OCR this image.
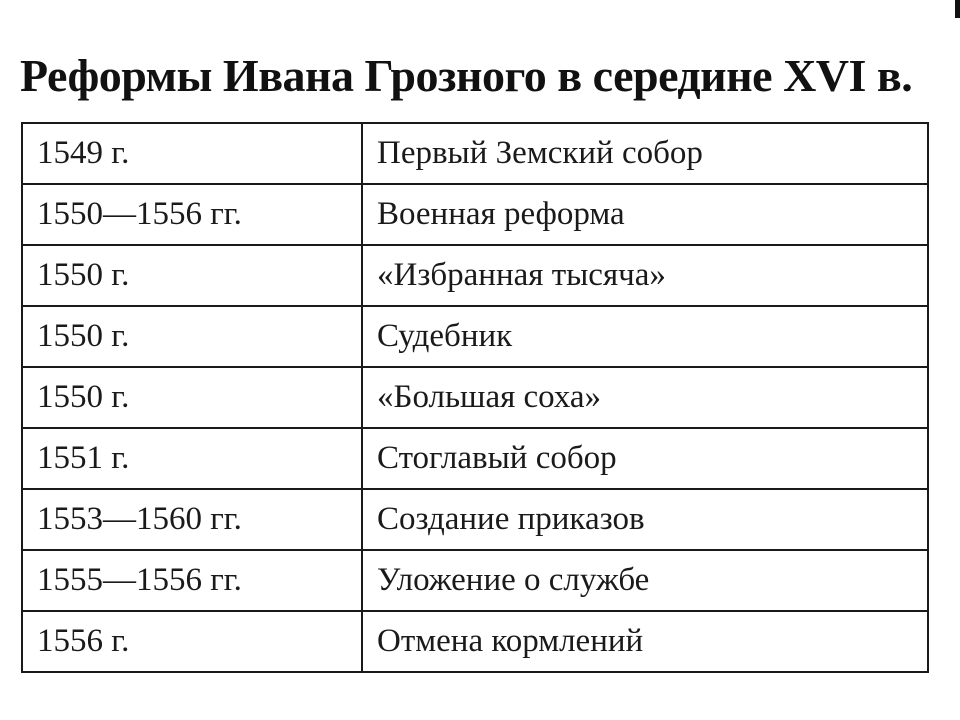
Реформы Ивана Грозного в середине XVI в.
1549 г.	Первый Земский собор
1550—1556 гг.	Военная реформа
1550 г.	«Избранная тысяча»
1550 г.	Судебник
1550 г.	«Большая соха»
1551 г.	Стоглавый собор
1553—1560 гг.	Создание приказов
1555—1556 гг.	Уложение о службе
1556 г.	Отмена кормлений
